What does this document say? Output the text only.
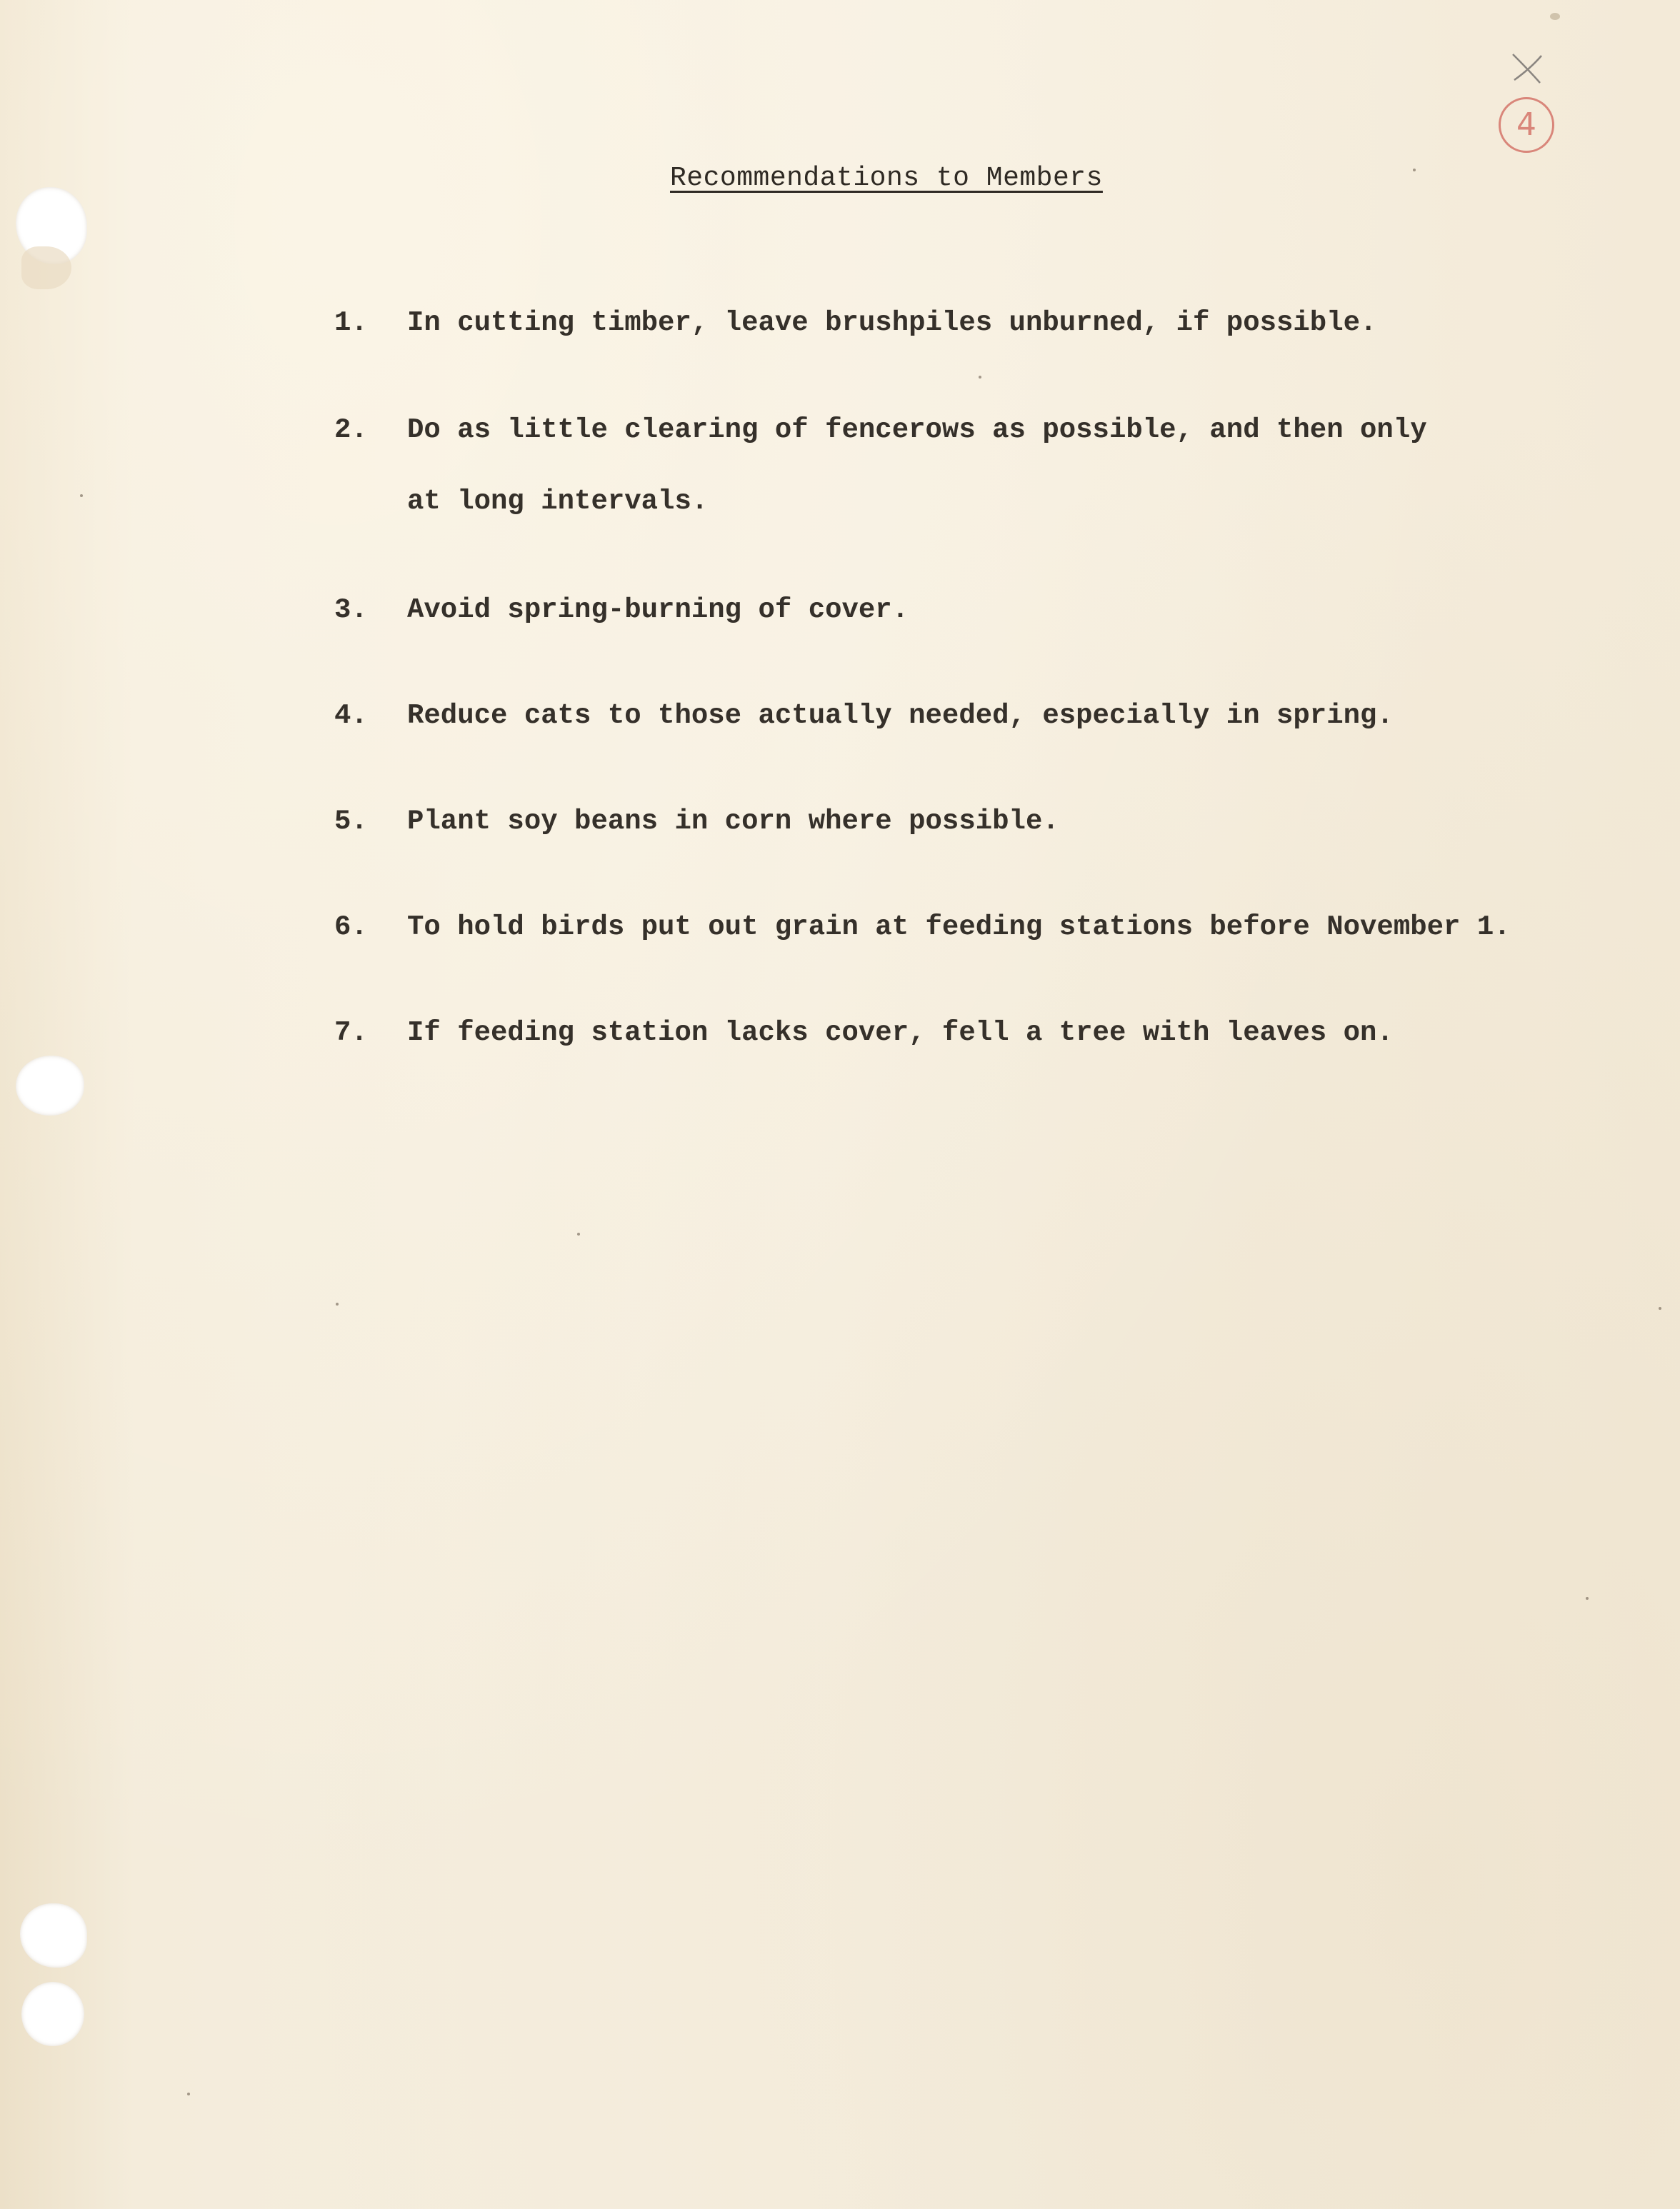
4
Recommendations to Members
1. In cutting timber, leave brushpiles unburned, if possible.
2. Do as little clearing of fencerows as possible, and then only
at long intervals.
3. Avoid spring-burning of cover.
4. Reduce cats to those actually needed, especially in spring.
5. Plant soy beans in corn where possible.
6. To hold birds put out grain at feeding stations before November 1.
7. If feeding station lacks cover, fell a tree with leaves on.
